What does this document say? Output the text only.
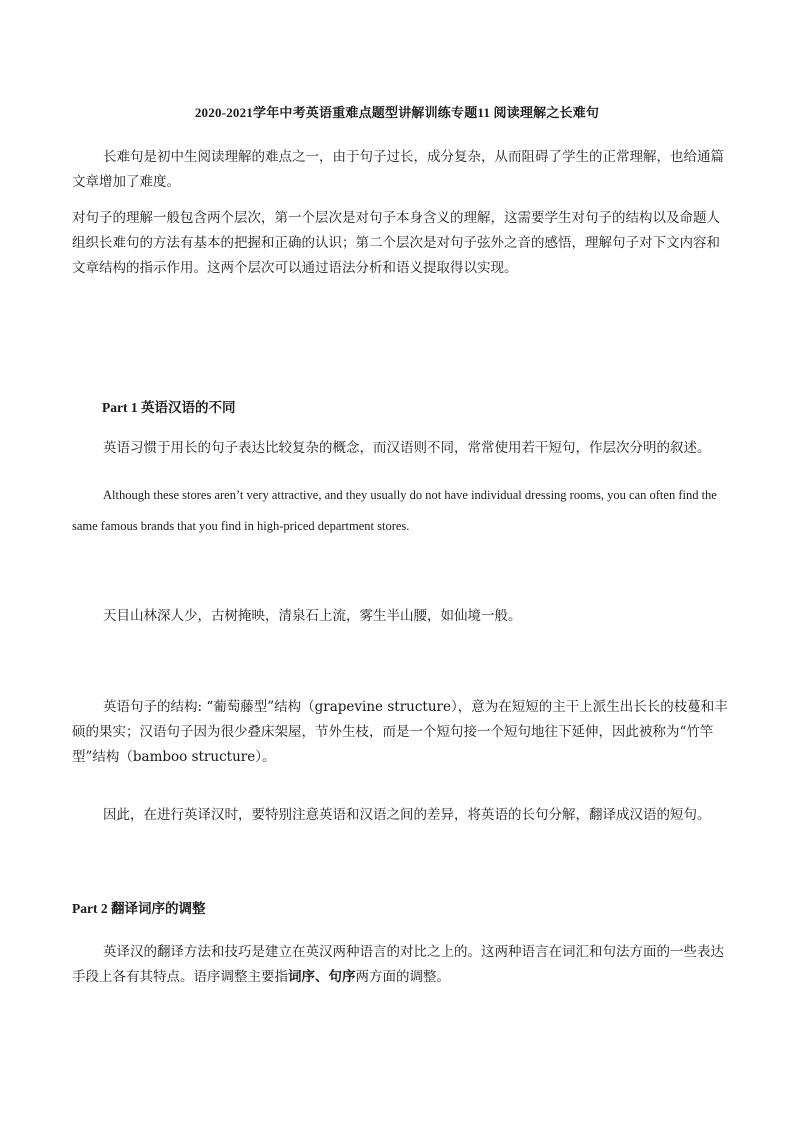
2020-2021学年中考英语重难点题型讲解训练专题11 阅读理解之长难句

长难句是初中生阅读理解的难点之一，由于句子过长，成分复杂，从而阻碍了学生的正常理解，也给通篇文章增加了难度。

对句子的理解一般包含两个层次，第一个层次是对句子本身含义的理解，这需要学生对句子的结构以及命题人组织长难句的方法有基本的把握和正确的认识；第二个层次是对句子弦外之音的感悟，理解句子对下文内容和文章结构的指示作用。这两个层次可以通过语法分析和语义提取得以实现。

Part 1 英语汉语的不同

英语习惯于用长的句子表达比较复杂的概念，而汉语则不同，常常使用若干短句，作层次分明的叙述。

Although these stores aren’t very attractive, and they usually do not have individual dressing rooms, you can often find the same famous brands that you find in high-priced department stores.

天目山林深人少，古树掩映，清泉石上流，雾生半山腰，如仙境一般。

英语句子的结构: “葡萄藤型”结构（grapevine structure），意为在短短的主干上派生出长长的枝蔓和丰硕的果实；汉语句子因为很少叠床架屋，节外生枝，而是一个短句接一个短句地往下延伸，因此被称为“竹竿型”结构（bamboo structure）。

因此，在进行英译汉时，要特别注意英语和汉语之间的差异，将英语的长句分解，翻译成汉语的短句。

Part 2 翻译词序的调整

英译汉的翻译方法和技巧是建立在英汉两种语言的对比之上的。这两种语言在词汇和句法方面的一些表达手段上各有其特点。语序调整主要指词序、句序两方面的调整。
